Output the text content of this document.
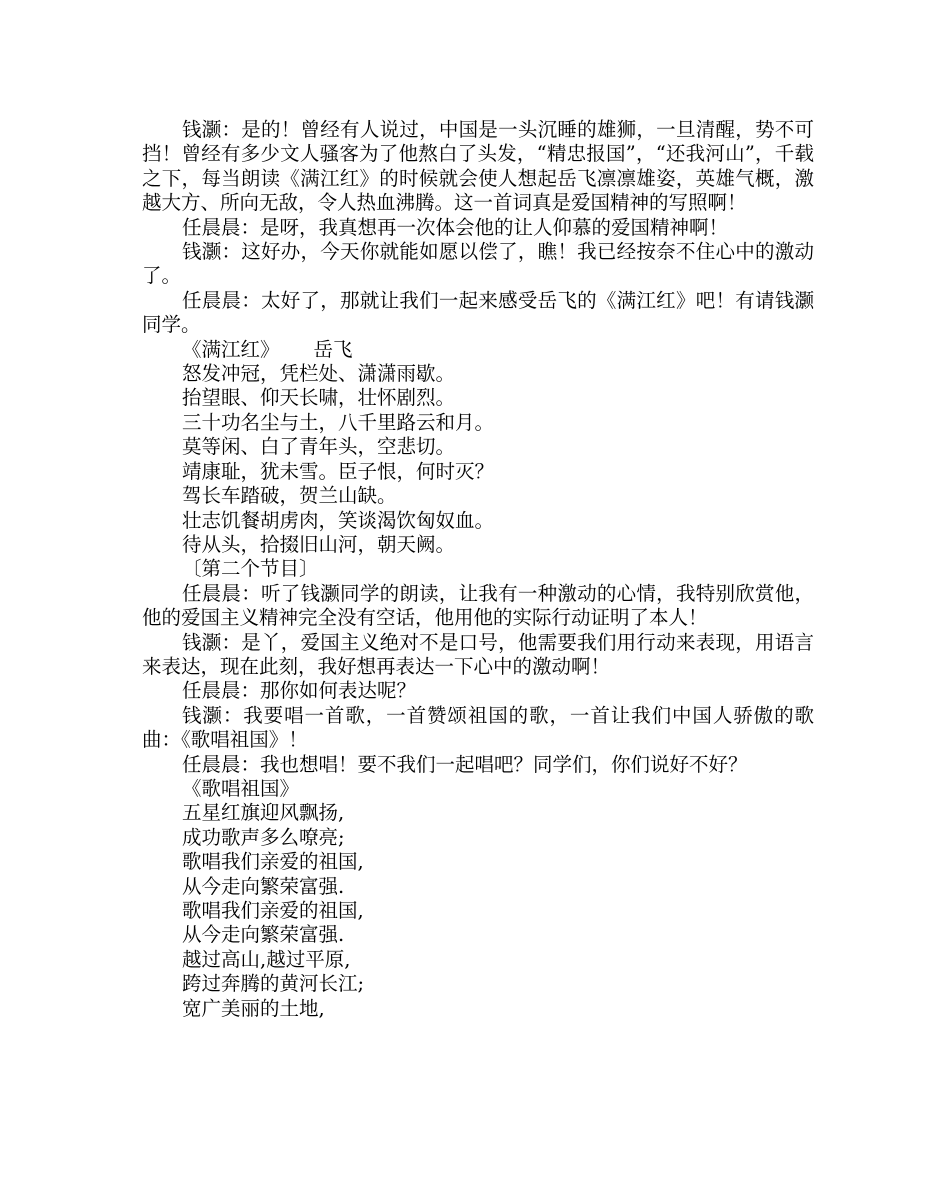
钱灏：是的！曾经有人说过，中国是一头沉睡的雄狮，一旦清醒，势不可挡！曾经有多少文人骚客为了他熬白了头发，“精忠报国”，“还我河山”，千载之下，每当朗读《满江红》的时候就会使人想起岳飞凛凛雄姿，英雄气概，激越大方、所向无敌，令人热血沸腾。这一首词真是爱国精神的写照啊！

任晨晨：是呀，我真想再一次体会他的让人仰慕的爱国精神啊！

钱灏：这好办，今天你就能如愿以偿了，瞧！我已经按奈不住心中的激动了。

任晨晨：太好了，那就让我们一起来感受岳飞的《满江红》吧！有请钱灏同学。

《满江红》 岳飞

怒发冲冠，凭栏处、潇潇雨歇。

抬望眼、仰天长啸，壮怀剧烈。

三十功名尘与土，八千里路云和月。

莫等闲、白了青年头，空悲切。

靖康耻，犹未雪。臣子恨，何时灭？

驾长车踏破，贺兰山缺。

壮志饥餐胡虏肉，笑谈渴饮匈奴血。

待从头，拾掇旧山河，朝天阙。

〔第二个节目〕

任晨晨：听了钱灏同学的朗读，让我有一种激动的心情，我特别欣赏他，他的爱国主义精神完全没有空话，他用他的实际行动证明了本人！

钱灏：是丫，爱国主义绝对不是口号，他需要我们用行动来表现，用语言来表达，现在此刻，我好想再表达一下心中的激动啊！

任晨晨：那你如何表达呢？

钱灏：我要唱一首歌，一首赞颂祖国的歌，一首让我们中国人骄傲的歌曲：《歌唱祖国》！

任晨晨：我也想唱！要不我们一起唱吧？同学们，你们说好不好？

《歌唱祖国》

五星红旗迎风飘扬,

成功歌声多么嘹亮;

歌唱我们亲爱的祖国,

从今走向繁荣富强.

歌唱我们亲爱的祖国,

从今走向繁荣富强.

越过高山,越过平原,

跨过奔腾的黄河长江;

宽广美丽的土地,
